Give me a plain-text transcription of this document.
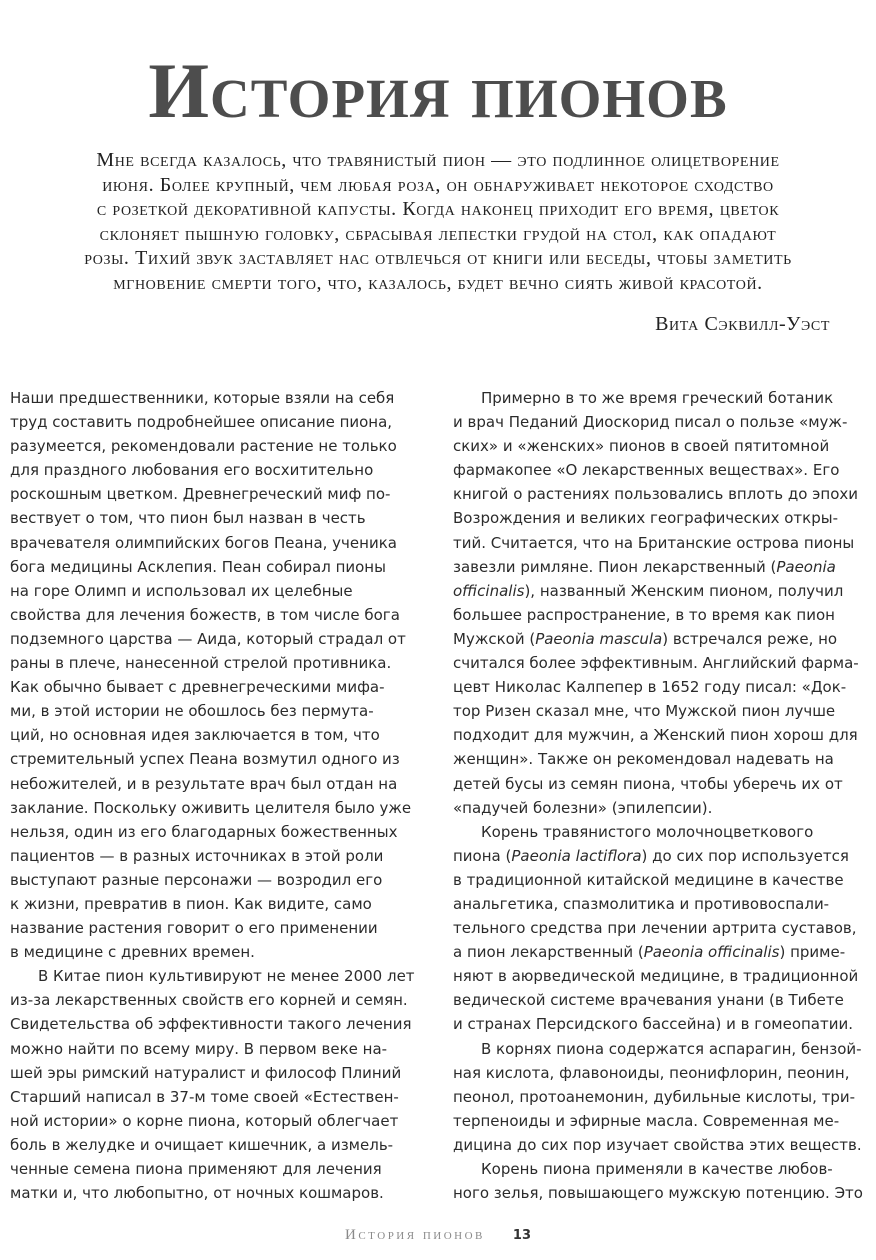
История пионов
Мне всегда казалось, что травянистый пион — это подлинное олицетворение
июня. Более крупный, чем любая роза, он обнаруживает некоторое сходство
с розеткой декоративной капусты. Когда наконец приходит его время, цветок
склоняет пышную головку, сбрасывая лепестки грудой на стол, как опадают
розы. Тихий звук заставляет нас отвлечься от книги или беседы, чтобы заметить
мгновение смерти того, что, казалось, будет вечно сиять живой красотой.
Вита Сэквилл-Уэст
Наши предшественники, которые взяли на себя
труд составить подробнейшее описание пиона,
разумеется, рекомендовали растение не только
для праздного любования его восхитительно
роскошным цветком. Древнегреческий миф по-
вествует о том, что пион был назван в честь
врачевателя олимпийских богов Пеана, ученика
бога медицины Асклепия. Пеан собирал пионы
на горе Олимп и использовал их целебные
свойства для лечения божеств, в том числе бога
подземного царства — Аида, который страдал от
раны в плече, нанесенной стрелой противника.
Как обычно бывает с древнегреческими мифа-
ми, в этой истории не обошлось без пермута-
ций, но основная идея заключается в том, что
стремительный успех Пеана возмутил одного из
небожителей, и в результате врач был отдан на
заклание. Поскольку оживить целителя было уже
нельзя, один из его благодарных божественных
пациентов — в разных источниках в этой роли
выступают разные персонажи — возродил его
к жизни, превратив в пион. Как видите, само
название растения говорит о его применении
в медицине с древних времен.
В Китае пион культивируют не менее 2000 лет
из-за лекарственных свойств его корней и семян.
Свидетельства об эффективности такого лечения
можно найти по всему миру. В первом веке на-
шей эры римский натуралист и философ Плиний
Старший написал в 37-м томе своей «Естествен-
ной истории» о корне пиона, который облегчает
боль в желудке и очищает кишечник, а измель-
ченные семена пиона применяют для лечения
матки и, что любопытно, от ночных кошмаров.
Примерно в то же время греческий ботаник
и врач Педаний Диоскорид писал о пользе «муж-
ских» и «женских» пионов в своей пятитомной
фармакопее «О лекарственных веществах». Его
книгой о растениях пользовались вплоть до эпохи
Возрождения и великих географических откры-
тий. Считается, что на Британские острова пионы
завезли римляне. Пион лекарственный (Paeonia
officinalis), названный Женским пионом, получил
большее распространение, в то время как пион
Мужской (Paeonia mascula) встречался реже, но
считался более эффективным. Английский фарма-
цевт Николас Калпепер в 1652 году писал: «Док-
тор Ризен сказал мне, что Мужской пион лучше
подходит для мужчин, а Женский пион хорош для
женщин». Также он рекомендовал надевать на
детей бусы из семян пиона, чтобы уберечь их от
«падучей болезни» (эпилепсии).
Корень травянистого молочноцветкового
пиона (Paeonia lactiflora) до сих пор используется
в традиционной китайской медицине в качестве
анальгетика, спазмолитика и противовоспали-
тельного средства при лечении артрита суставов,
а пион лекарственный (Paeonia officinalis) приме-
няют в аюрведической медицине, в традиционной
ведической системе врачевания унани (в Тибете
и странах Персидского бассейна) и в гомеопатии.
В корнях пиона содержатся аспарагин, бензой-
ная кислота, флавоноиды, пеонифлорин, пеонин,
пеонол, протоанемонин, дубильные кислоты, три-
терпеноиды и эфирные масла. Современная ме-
дицина до сих пор изучает свойства этих веществ.
Корень пиона применяли в качестве любов-
ного зелья, повышающего мужскую потенцию. Это
История пионов 13
